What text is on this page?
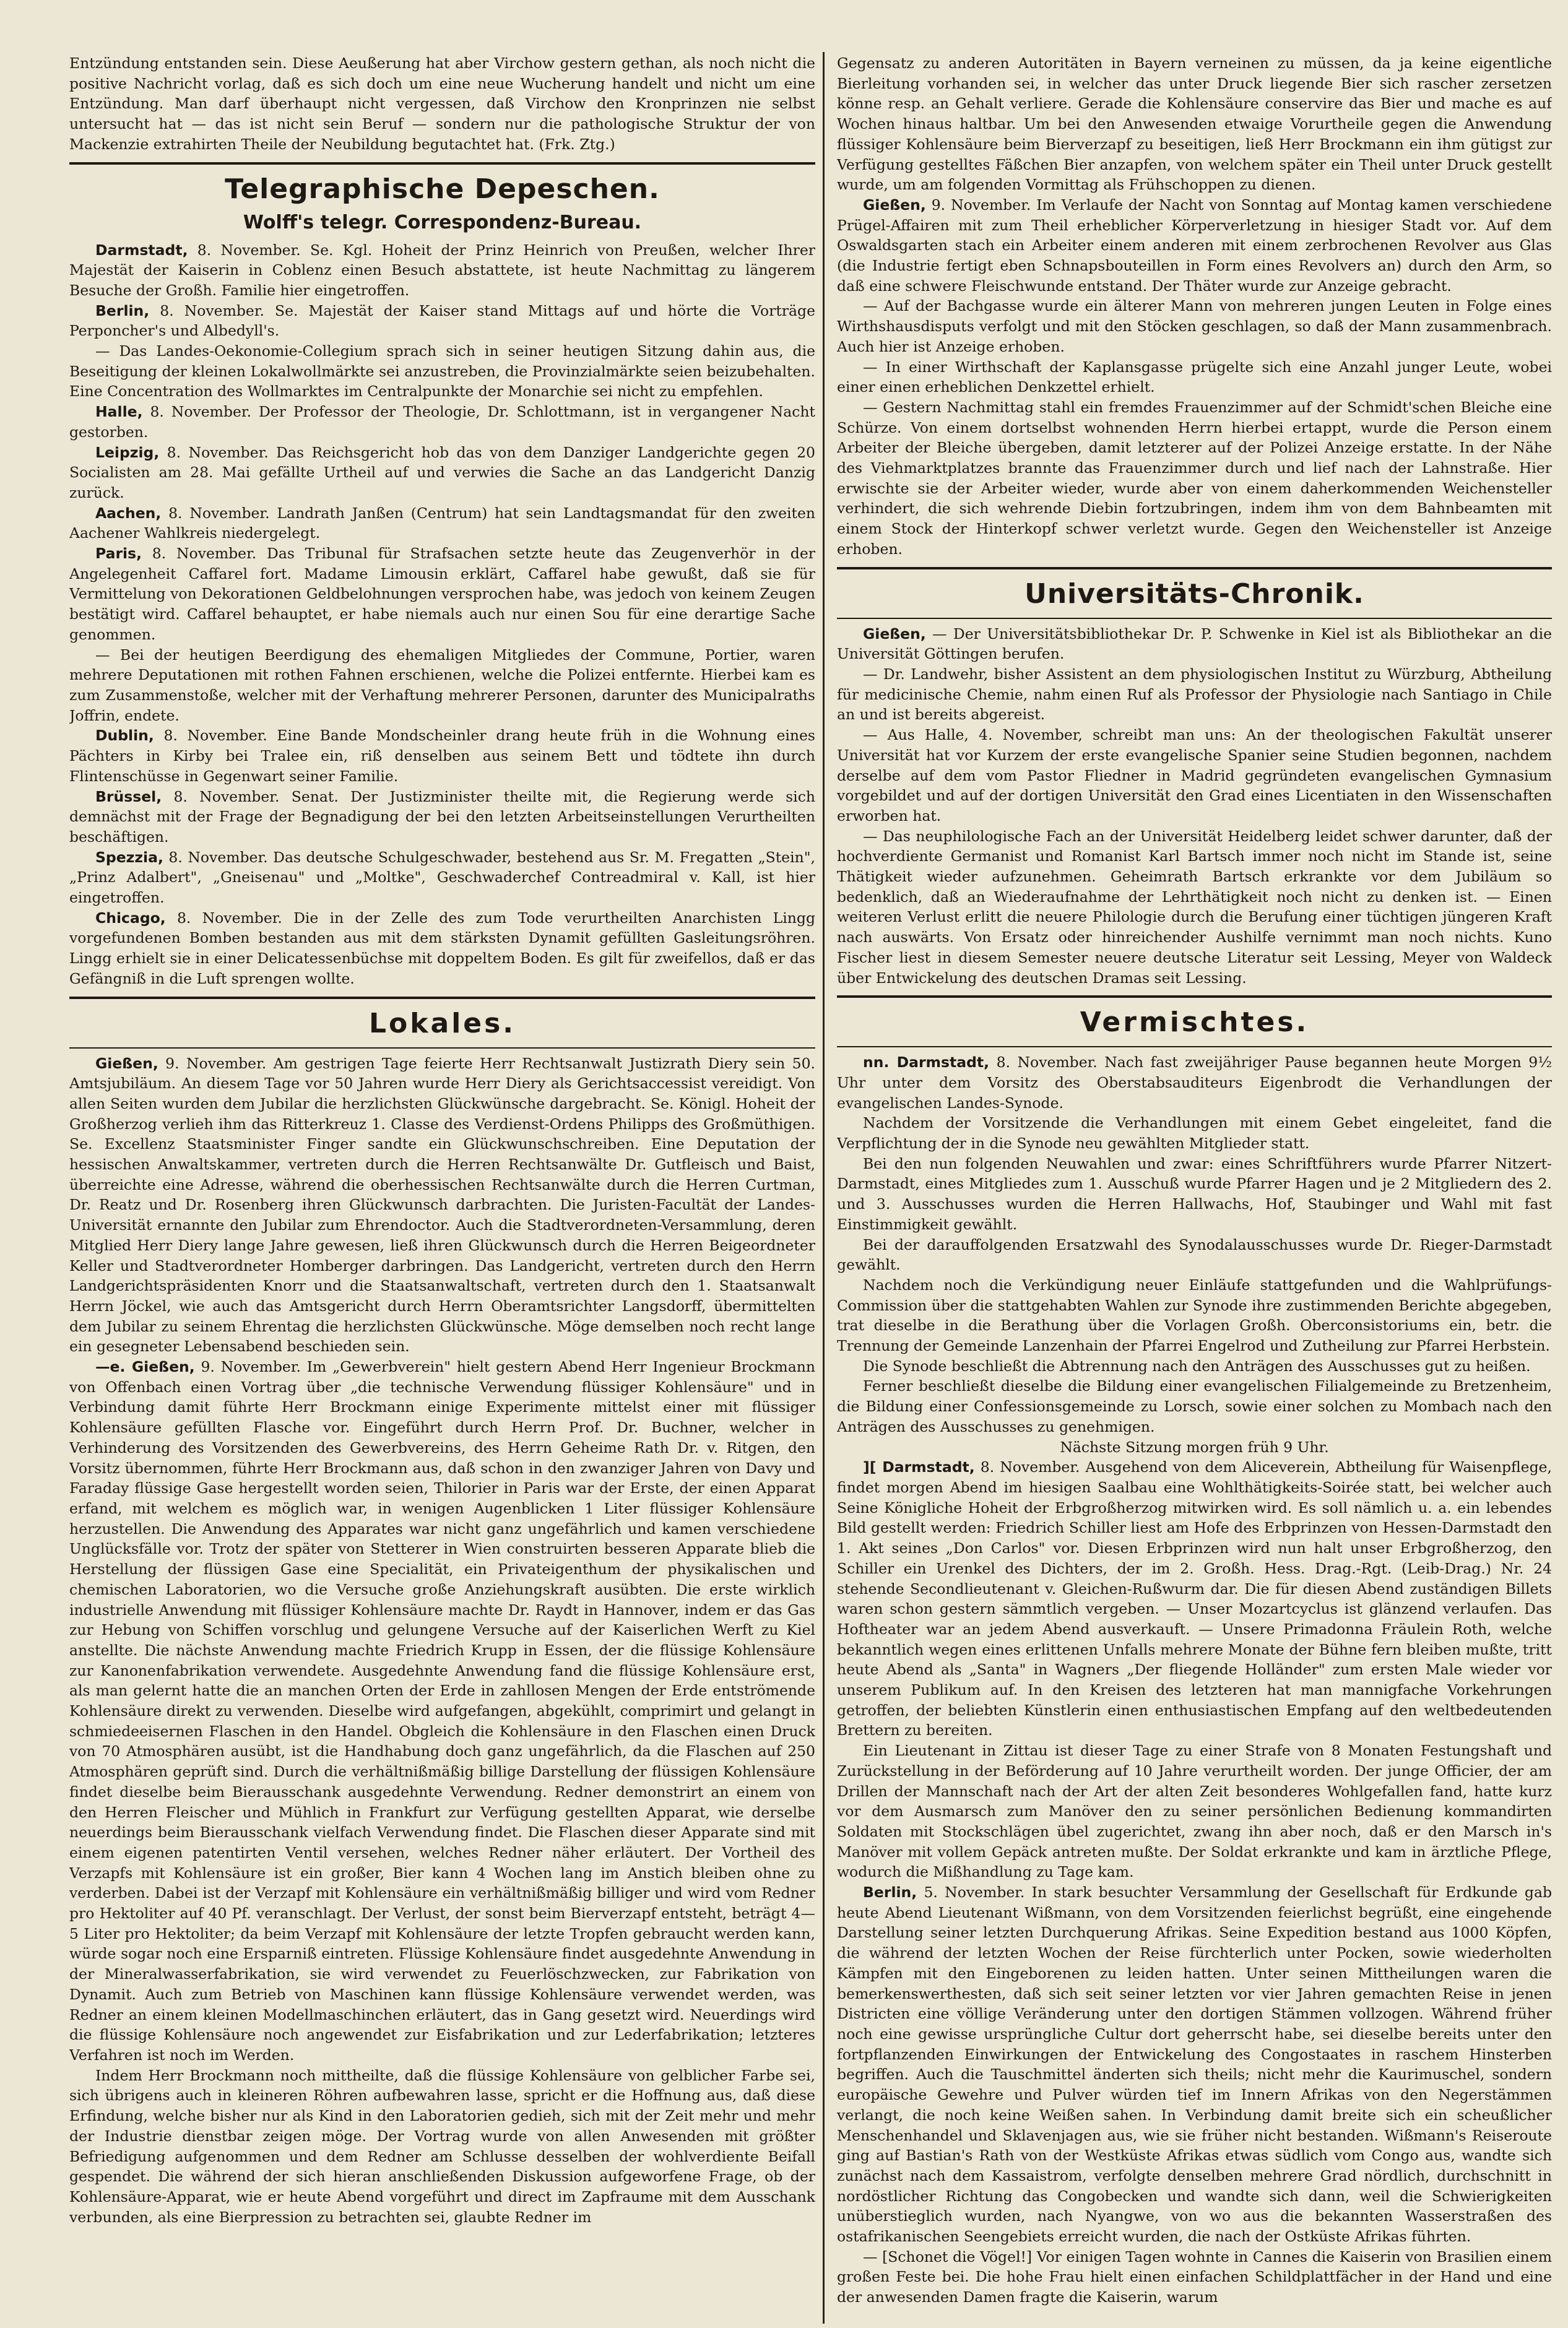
Entzündung entstanden sein. Diese Aeußerung hat aber Virchow gestern gethan, als noch nicht die positive Nachricht vorlag, daß es sich doch um eine neue Wucherung handelt und nicht um eine Entzündung. Man darf überhaupt nicht vergessen, daß Virchow den Kronprinzen nie selbst untersucht hat — das ist nicht sein Beruf — sondern nur die pathologische Struktur der von Mackenzie extrahirten Theile der Neubildung begutachtet hat. (Frk. Ztg.)

Telegraphische Depeschen.
Wolff's telegr. Correspondenz-Bureau.

Darmstadt, 8. November. Se. Kgl. Hoheit der Prinz Heinrich von Preußen, welcher Ihrer Majestät der Kaiserin in Coblenz einen Besuch abstattete, ist heute Nachmittag zu längerem Besuche der Großh. Familie hier eingetroffen.

Berlin, 8. November. Se. Majestät der Kaiser stand Mittags auf und hörte die Vorträge Perponcher's und Albedyll's.

— Das Landes-Oekonomie-Collegium sprach sich in seiner heutigen Sitzung dahin aus, die Beseitigung der kleinen Lokalwollmärkte sei anzustreben, die Provinzialmärkte seien beizubehalten. Eine Concentration des Wollmarktes im Centralpunkte der Monarchie sei nicht zu empfehlen.

Halle, 8. November. Der Professor der Theologie, Dr. Schlottmann, ist in vergangener Nacht gestorben.

Leipzig, 8. November. Das Reichsgericht hob das von dem Danziger Landgerichte gegen 20 Socialisten am 28. Mai gefällte Urtheil auf und verwies die Sache an das Landgericht Danzig zurück.

Aachen, 8. November. Landrath Janßen (Centrum) hat sein Landtagsmandat für den zweiten Aachener Wahlkreis niedergelegt.

Paris, 8. November. Das Tribunal für Strafsachen setzte heute das Zeugenverhör in der Angelegenheit Caffarel fort. Madame Limousin erklärt, Caffarel habe gewußt, daß sie für Vermittelung von Dekorationen Geldbelohnungen versprochen habe, was jedoch von keinem Zeugen bestätigt wird. Caffarel behauptet, er habe niemals auch nur einen Sou für eine derartige Sache genommen.

— Bei der heutigen Beerdigung des ehemaligen Mitgliedes der Commune, Portier, waren mehrere Deputationen mit rothen Fahnen erschienen, welche die Polizei entfernte. Hierbei kam es zum Zusammenstoße, welcher mit der Verhaftung mehrerer Personen, darunter des Municipalraths Joffrin, endete.

Dublin, 8. November. Eine Bande Mondscheinler drang heute früh in die Wohnung eines Pächters in Kirby bei Tralee ein, riß denselben aus seinem Bett und tödtete ihn durch Flintenschüsse in Gegenwart seiner Familie.

Brüssel, 8. November. Senat. Der Justizminister theilte mit, die Regierung werde sich demnächst mit der Frage der Begnadigung der bei den letzten Arbeitseinstellungen Verurtheilten beschäftigen.

Spezzia, 8. November. Das deutsche Schulgeschwader, bestehend aus Sr. M. Fregatten „Stein", „Prinz Adalbert", „Gneisenau" und „Moltke", Geschwaderchef Contreadmiral v. Kall, ist hier eingetroffen.

Chicago, 8. November. Die in der Zelle des zum Tode verurtheilten Anarchisten Lingg vorgefundenen Bomben bestanden aus mit dem stärksten Dynamit gefüllten Gasleitungsröhren. Lingg erhielt sie in einer Delicatessenbüchse mit doppeltem Boden. Es gilt für zweifellos, daß er das Gefängniß in die Luft sprengen wollte.

Lokales.

Gießen, 9. November. Am gestrigen Tage feierte Herr Rechtsanwalt Justizrath Diery sein 50. Amtsjubiläum. An diesem Tage vor 50 Jahren wurde Herr Diery als Gerichtsaccessist vereidigt. Von allen Seiten wurden dem Jubilar die herzlichsten Glückwünsche dargebracht. Se. Königl. Hoheit der Großherzog verlieh ihm das Ritterkreuz 1. Classe des Verdienst-Ordens Philipps des Großmüthigen. Se. Excellenz Staatsminister Finger sandte ein Glückwunschschreiben. Eine Deputation der hessischen Anwaltskammer, vertreten durch die Herren Rechtsanwälte Dr. Gutfleisch und Baist, überreichte eine Adresse, während die oberhessischen Rechtsanwälte durch die Herren Curtman, Dr. Reatz und Dr. Rosenberg ihren Glückwunsch darbrachten. Die Juristen-Facultät der Landes-Universität ernannte den Jubilar zum Ehrendoctor. Auch die Stadtverordneten-Versammlung, deren Mitglied Herr Diery lange Jahre gewesen, ließ ihren Glückwunsch durch die Herren Beigeordneter Keller und Stadtverordneter Homberger darbringen. Das Landgericht, vertreten durch den Herrn Landgerichtspräsidenten Knorr und die Staatsanwaltschaft, vertreten durch den 1. Staatsanwalt Herrn Jöckel, wie auch das Amtsgericht durch Herrn Oberamtsrichter Langsdorff, übermittelten dem Jubilar zu seinem Ehrentag die herzlichsten Glückwünsche. Möge demselben noch recht lange ein gesegneter Lebensabend beschieden sein.

—e. Gießen, 9. November. Im „Gewerbverein" hielt gestern Abend Herr Ingenieur Brockmann von Offenbach einen Vortrag über „die technische Verwendung flüssiger Kohlensäure" und in Verbindung damit führte Herr Brockmann einige Experimente mittelst einer mit flüssiger Kohlensäure gefüllten Flasche vor. Eingeführt durch Herrn Prof. Dr. Buchner, welcher in Verhinderung des Vorsitzenden des Gewerbvereins, des Herrn Geheime Rath Dr. v. Ritgen, den Vorsitz übernommen, führte Herr Brockmann aus, daß schon in den zwanziger Jahren von Davy und Faraday flüssige Gase hergestellt worden seien, Thilorier in Paris war der Erste, der einen Apparat erfand, mit welchem es möglich war, in wenigen Augenblicken 1 Liter flüssiger Kohlensäure herzustellen. Die Anwendung des Apparates war nicht ganz ungefährlich und kamen verschiedene Unglücksfälle vor. Trotz der später von Stetterer in Wien construirten besseren Apparate blieb die Herstellung der flüssigen Gase eine Specialität, ein Privateigenthum der physikalischen und chemischen Laboratorien, wo die Versuche große Anziehungskraft ausübten. Die erste wirklich industrielle Anwendung mit flüssiger Kohlensäure machte Dr. Raydt in Hannover, indem er das Gas zur Hebung von Schiffen vorschlug und gelungene Versuche auf der Kaiserlichen Werft zu Kiel anstellte. Die nächste Anwendung machte Friedrich Krupp in Essen, der die flüssige Kohlensäure zur Kanonenfabrikation verwendete. Ausgedehnte Anwendung fand die flüssige Kohlensäure erst, als man gelernt hatte die an manchen Orten der Erde in zahllosen Mengen der Erde entströmende Kohlensäure direkt zu verwenden. Dieselbe wird aufgefangen, abgekühlt, comprimirt und gelangt in schmiedeeisernen Flaschen in den Handel. Obgleich die Kohlensäure in den Flaschen einen Druck von 70 Atmosphären ausübt, ist die Handhabung doch ganz ungefährlich, da die Flaschen auf 250 Atmosphären geprüft sind. Durch die verhältnißmäßig billige Darstellung der flüssigen Kohlensäure findet dieselbe beim Bierausschank ausgedehnte Verwendung. Redner demonstrirt an einem von den Herren Fleischer und Mühlich in Frankfurt zur Verfügung gestellten Apparat, wie derselbe neuerdings beim Bierausschank vielfach Verwendung findet. Die Flaschen dieser Apparate sind mit einem eigenen patentirten Ventil versehen, welches Redner näher erläutert. Der Vortheil des Verzapfs mit Kohlensäure ist ein großer, Bier kann 4 Wochen lang im Anstich bleiben ohne zu verderben. Dabei ist der Verzapf mit Kohlensäure ein verhältnißmäßig billiger und wird vom Redner pro Hektoliter auf 40 Pf. veranschlagt. Der Verlust, der sonst beim Bierverzapf entsteht, beträgt 4—5 Liter pro Hektoliter; da beim Verzapf mit Kohlensäure der letzte Tropfen gebraucht werden kann, würde sogar noch eine Ersparniß eintreten. Flüssige Kohlensäure findet ausgedehnte Anwendung in der Mineralwasserfabrikation, sie wird verwendet zu Feuerlöschzwecken, zur Fabrikation von Dynamit. Auch zum Betrieb von Maschinen kann flüssige Kohlensäure verwendet werden, was Redner an einem kleinen Modellmaschinchen erläutert, das in Gang gesetzt wird. Neuerdings wird die flüssige Kohlensäure noch angewendet zur Eisfabrikation und zur Lederfabrikation; letzteres Verfahren ist noch im Werden.

Indem Herr Brockmann noch mittheilte, daß die flüssige Kohlensäure von gelblicher Farbe sei, sich übrigens auch in kleineren Röhren aufbewahren lasse, spricht er die Hoffnung aus, daß diese Erfindung, welche bisher nur als Kind in den Laboratorien gedieh, sich mit der Zeit mehr und mehr der Industrie dienstbar zeigen möge. Der Vortrag wurde von allen Anwesenden mit größter Befriedigung aufgenommen und dem Redner am Schlusse desselben der wohlverdiente Beifall gespendet. Die während der sich hieran anschließenden Diskussion aufgeworfene Frage, ob der Kohlensäure-Apparat, wie er heute Abend vorgeführt und direct im Zapfraume mit dem Ausschank verbunden, als eine Bierpression zu betrachten sei, glaubte Redner im

Gegensatz zu anderen Autoritäten in Bayern verneinen zu müssen, da ja keine eigentliche Bierleitung vorhanden sei, in welcher das unter Druck liegende Bier sich rascher zersetzen könne resp. an Gehalt verliere. Gerade die Kohlensäure conservire das Bier und mache es auf Wochen hinaus haltbar. Um bei den Anwesenden etwaige Vorurtheile gegen die Anwendung flüssiger Kohlensäure beim Bierverzapf zu beseitigen, ließ Herr Brockmann ein ihm gütigst zur Verfügung gestelltes Fäßchen Bier anzapfen, von welchem später ein Theil unter Druck gestellt wurde, um am folgenden Vormittag als Frühschoppen zu dienen.

Gießen, 9. November. Im Verlaufe der Nacht von Sonntag auf Montag kamen verschiedene Prügel-Affairen mit zum Theil erheblicher Körperverletzung in hiesiger Stadt vor. Auf dem Oswaldsgarten stach ein Arbeiter einem anderen mit einem zerbrochenen Revolver aus Glas (die Industrie fertigt eben Schnapsbouteillen in Form eines Revolvers an) durch den Arm, so daß eine schwere Fleischwunde entstand. Der Thäter wurde zur Anzeige gebracht.

— Auf der Bachgasse wurde ein älterer Mann von mehreren jungen Leuten in Folge eines Wirthshausdisputs verfolgt und mit den Stöcken geschlagen, so daß der Mann zusammenbrach. Auch hier ist Anzeige erhoben.

— In einer Wirthschaft der Kaplansgasse prügelte sich eine Anzahl junger Leute, wobei einer einen erheblichen Denkzettel erhielt.

— Gestern Nachmittag stahl ein fremdes Frauenzimmer auf der Schmidt'schen Bleiche eine Schürze. Von einem dortselbst wohnenden Herrn hierbei ertappt, wurde die Person einem Arbeiter der Bleiche übergeben, damit letzterer auf der Polizei Anzeige erstatte. In der Nähe des Viehmarktplatzes brannte das Frauenzimmer durch und lief nach der Lahnstraße. Hier erwischte sie der Arbeiter wieder, wurde aber von einem daherkommenden Weichensteller verhindert, die sich wehrende Diebin fortzubringen, indem ihm von dem Bahnbeamten mit einem Stock der Hinterkopf schwer verletzt wurde. Gegen den Weichensteller ist Anzeige erhoben.

Universitäts-Chronik.

Gießen, — Der Universitätsbibliothekar Dr. P. Schwenke in Kiel ist als Bibliothekar an die Universität Göttingen berufen.

— Dr. Landwehr, bisher Assistent an dem physiologischen Institut zu Würzburg, Abtheilung für medicinische Chemie, nahm einen Ruf als Professor der Physiologie nach Santiago in Chile an und ist bereits abgereist.

— Aus Halle, 4. November, schreibt man uns: An der theologischen Fakultät unserer Universität hat vor Kurzem der erste evangelische Spanier seine Studien begonnen, nachdem derselbe auf dem vom Pastor Fliedner in Madrid gegründeten evangelischen Gymnasium vorgebildet und auf der dortigen Universität den Grad eines Licentiaten in den Wissenschaften erworben hat.

— Das neuphilologische Fach an der Universität Heidelberg leidet schwer darunter, daß der hochverdiente Germanist und Romanist Karl Bartsch immer noch nicht im Stande ist, seine Thätigkeit wieder aufzunehmen. Geheimrath Bartsch erkrankte vor dem Jubiläum so bedenklich, daß an Wiederaufnahme der Lehrthätigkeit noch nicht zu denken ist. — Einen weiteren Verlust erlitt die neuere Philologie durch die Berufung einer tüchtigen jüngeren Kraft nach auswärts. Von Ersatz oder hinreichender Aushilfe vernimmt man noch nichts. Kuno Fischer liest in diesem Semester neuere deutsche Literatur seit Lessing, Meyer von Waldeck über Entwickelung des deutschen Dramas seit Lessing.

Vermischtes.

nn. Darmstadt, 8. November. Nach fast zweijähriger Pause begannen heute Morgen 9½ Uhr unter dem Vorsitz des Oberstabsauditeurs Eigenbrodt die Verhandlungen der evangelischen Landes-Synode.

Nachdem der Vorsitzende die Verhandlungen mit einem Gebet eingeleitet, fand die Verpflichtung der in die Synode neu gewählten Mitglieder statt.

Bei den nun folgenden Neuwahlen und zwar: eines Schriftführers wurde Pfarrer Nitzert-Darmstadt, eines Mitgliedes zum 1. Ausschuß wurde Pfarrer Hagen und je 2 Mitgliedern des 2. und 3. Ausschusses wurden die Herren Hallwachs, Hof, Staubinger und Wahl mit fast Einstimmigkeit gewählt.

Bei der darauffolgenden Ersatzwahl des Synodalausschusses wurde Dr. Rieger-Darmstadt gewählt.

Nachdem noch die Verkündigung neuer Einläufe stattgefunden und die Wahlprüfungs-Commission über die stattgehabten Wahlen zur Synode ihre zustimmenden Berichte abgegeben, trat dieselbe in die Berathung über die Vorlagen Großh. Oberconsistoriums ein, betr. die Trennung der Gemeinde Lanzenhain der Pfarrei Engelrod und Zutheilung zur Pfarrei Herbstein.

Die Synode beschließt die Abtrennung nach den Anträgen des Ausschusses gut zu heißen.

Ferner beschließt dieselbe die Bildung einer evangelischen Filialgemeinde zu Bretzenheim, die Bildung einer Confessionsgemeinde zu Lorsch, sowie einer solchen zu Mombach nach den Anträgen des Ausschusses zu genehmigen.

Nächste Sitzung morgen früh 9 Uhr.

][ Darmstadt, 8. November. Ausgehend von dem Aliceverein, Abtheilung für Waisenpflege, findet morgen Abend im hiesigen Saalbau eine Wohlthätigkeits-Soirée statt, bei welcher auch Seine Königliche Hoheit der Erbgroßherzog mitwirken wird. Es soll nämlich u. a. ein lebendes Bild gestellt werden: Friedrich Schiller liest am Hofe des Erbprinzen von Hessen-Darmstadt den 1. Akt seines „Don Carlos" vor. Diesen Erbprinzen wird nun halt unser Erbgroßherzog, den Schiller ein Urenkel des Dichters, der im 2. Großh. Hess. Drag.-Rgt. (Leib-Drag.) Nr. 24 stehende Secondlieutenant v. Gleichen-Rußwurm dar. Die für diesen Abend zuständigen Billets waren schon gestern sämmtlich vergeben. — Unser Mozartcyclus ist glänzend verlaufen. Das Hoftheater war an jedem Abend ausverkauft. — Unsere Primadonna Fräulein Roth, welche bekanntlich wegen eines erlittenen Unfalls mehrere Monate der Bühne fern bleiben mußte, tritt heute Abend als „Santa" in Wagners „Der fliegende Holländer" zum ersten Male wieder vor unserem Publikum auf. In den Kreisen des letzteren hat man mannigfache Vorkehrungen getroffen, der beliebten Künstlerin einen enthusiastischen Empfang auf den weltbedeutenden Brettern zu bereiten.

Ein Lieutenant in Zittau ist dieser Tage zu einer Strafe von 8 Monaten Festungshaft und Zurückstellung in der Beförderung auf 10 Jahre verurtheilt worden. Der junge Officier, der am Drillen der Mannschaft nach der Art der alten Zeit besonderes Wohlgefallen fand, hatte kurz vor dem Ausmarsch zum Manöver den zu seiner persönlichen Bedienung kommandirten Soldaten mit Stockschlägen übel zugerichtet, zwang ihn aber noch, daß er den Marsch in's Manöver mit vollem Gepäck antreten mußte. Der Soldat erkrankte und kam in ärztliche Pflege, wodurch die Mißhandlung zu Tage kam.

Berlin, 5. November. In stark besuchter Versammlung der Gesellschaft für Erdkunde gab heute Abend Lieutenant Wißmann, von dem Vorsitzenden feierlichst begrüßt, eine eingehende Darstellung seiner letzten Durchquerung Afrikas. Seine Expedition bestand aus 1000 Köpfen, die während der letzten Wochen der Reise fürchterlich unter Pocken, sowie wiederholten Kämpfen mit den Eingeborenen zu leiden hatten. Unter seinen Mittheilungen waren die bemerkenswerthesten, daß sich seit seiner letzten vor vier Jahren gemachten Reise in jenen Districten eine völlige Veränderung unter den dortigen Stämmen vollzogen. Während früher noch eine gewisse ursprüngliche Cultur dort geherrscht habe, sei dieselbe bereits unter den fortpflanzenden Einwirkungen der Entwickelung des Congostaates in raschem Hinsterben begriffen. Auch die Tauschmittel änderten sich theils; nicht mehr die Kaurimuschel, sondern europäische Gewehre und Pulver würden tief im Innern Afrikas von den Negerstämmen verlangt, die noch keine Weißen sahen. In Verbindung damit breite sich ein scheußlicher Menschenhandel und Sklavenjagen aus, wie sie früher nicht bestanden. Wißmann's Reiseroute ging auf Bastian's Rath von der Westküste Afrikas etwas südlich vom Congo aus, wandte sich zunächst nach dem Kassaistrom, verfolgte denselben mehrere Grad nördlich, durchschnitt in nordöstlicher Richtung das Congobecken und wandte sich dann, weil die Schwierigkeiten unüberstieglich wurden, nach Nyangwe, von wo aus die bekannten Wasserstraßen des ostafrikanischen Seengebiets erreicht wurden, die nach der Ostküste Afrikas führten.

— [Schonet die Vögel!] Vor einigen Tagen wohnte in Cannes die Kaiserin von Brasilien einem großen Feste bei. Die hohe Frau hielt einen einfachen Schildplattfächer in der Hand und eine der anwesenden Damen fragte die Kaiserin, warum
